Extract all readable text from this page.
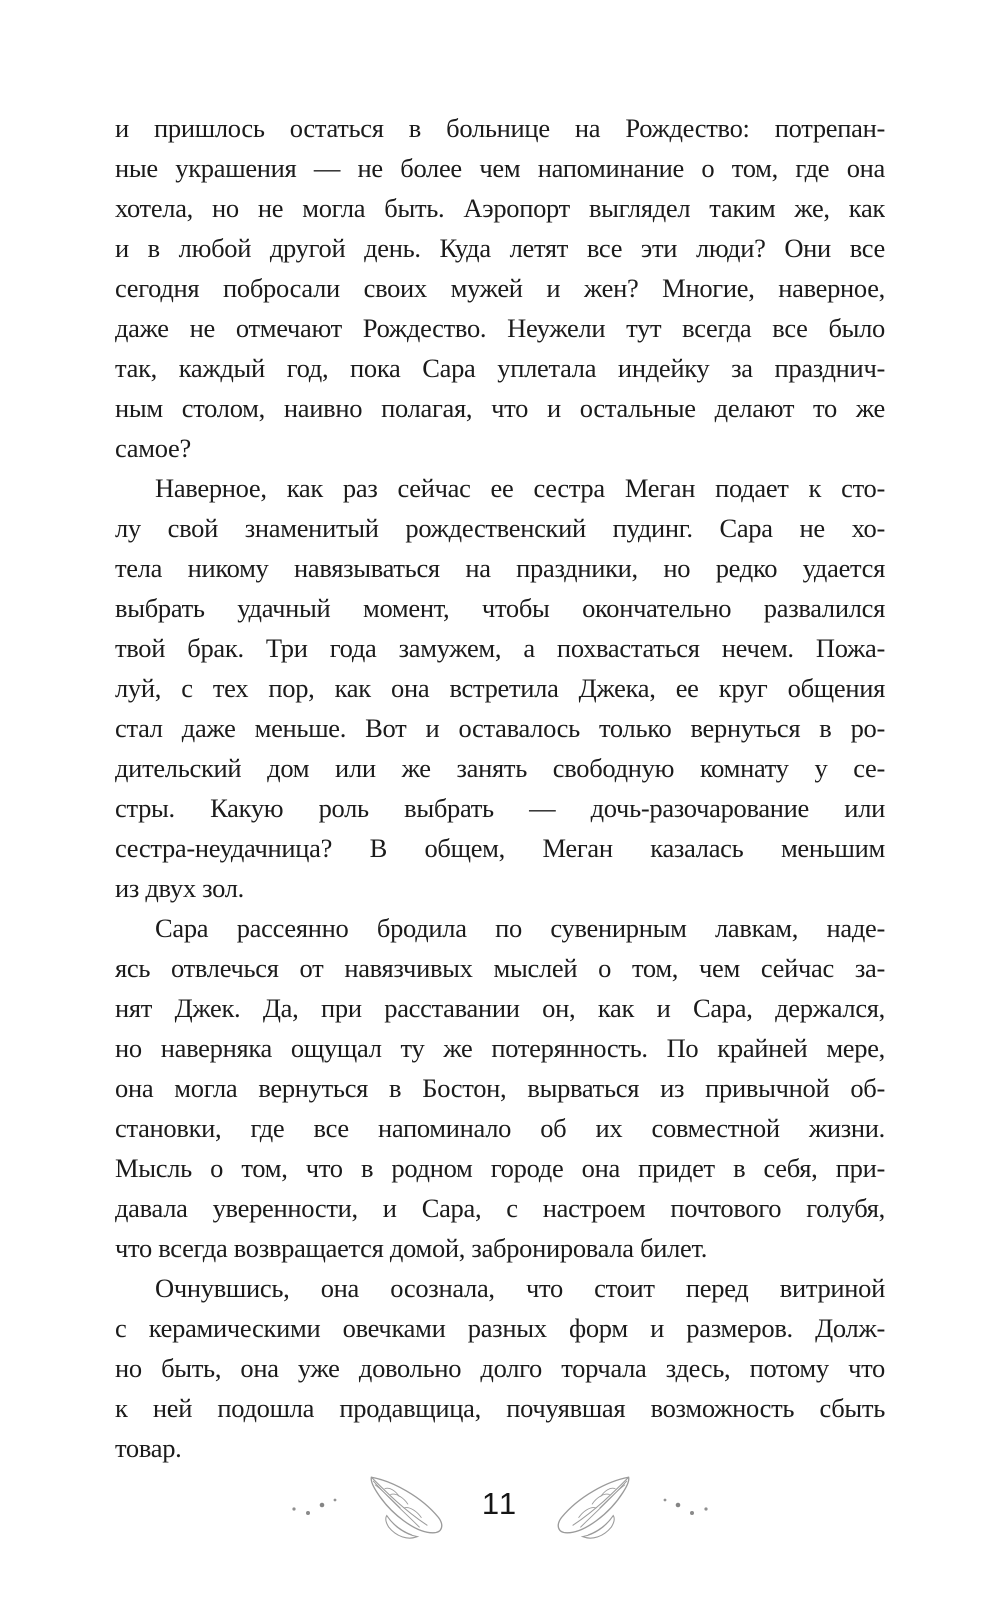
и пришлось остаться в больнице на Рождество: потрепан-
ные украшения — не более чем напоминание о том, где она
хотела, но не могла быть. Аэропорт выглядел таким же, как
и в любой другой день. Куда летят все эти люди? Они все
сегодня побросали своих мужей и жен? Многие, наверное,
даже не отмечают Рождество. Неужели тут всегда все было
так, каждый год, пока Сара уплетала индейку за празднич-
ным столом, наивно полагая, что и остальные делают то же
самое?
Наверное, как раз сейчас ее сестра Меган подает к сто-
лу свой знаменитый рождественский пудинг. Сара не хо-
тела никому навязываться на праздники, но редко удается
выбрать удачный момент, чтобы окончательно развалился
твой брак. Три года замужем, а похвастаться нечем. Пожа-
луй, с тех пор, как она встретила Джека, ее круг общения
стал даже меньше. Вот и оставалось только вернуться в ро-
дительский дом или же занять свободную комнату у се-
стры. Какую роль выбрать — дочь-разочарование или
сестра-неудачница? В общем, Меган казалась меньшим
из двух зол.
Сара рассеянно бродила по сувенирным лавкам, наде-
ясь отвлечься от навязчивых мыслей о том, чем сейчас за-
нят Джек. Да, при расставании он, как и Сара, держался,
но наверняка ощущал ту же потерянность. По крайней мере,
она могла вернуться в Бостон, вырваться из привычной об-
становки, где все напоминало об их совместной жизни.
Мысль о том, что в родном городе она придет в себя, при-
давала уверенности, и Сара, с настроем почтового голубя,
что всегда возвращается домой, забронировала билет.
Очнувшись, она осознала, что стоит перед витриной
с керамическими овечками разных форм и размеров. Долж-
но быть, она уже довольно долго торчала здесь, потому что
к ней подошла продавщица, почуявшая возможность сбыть
товар.
11
